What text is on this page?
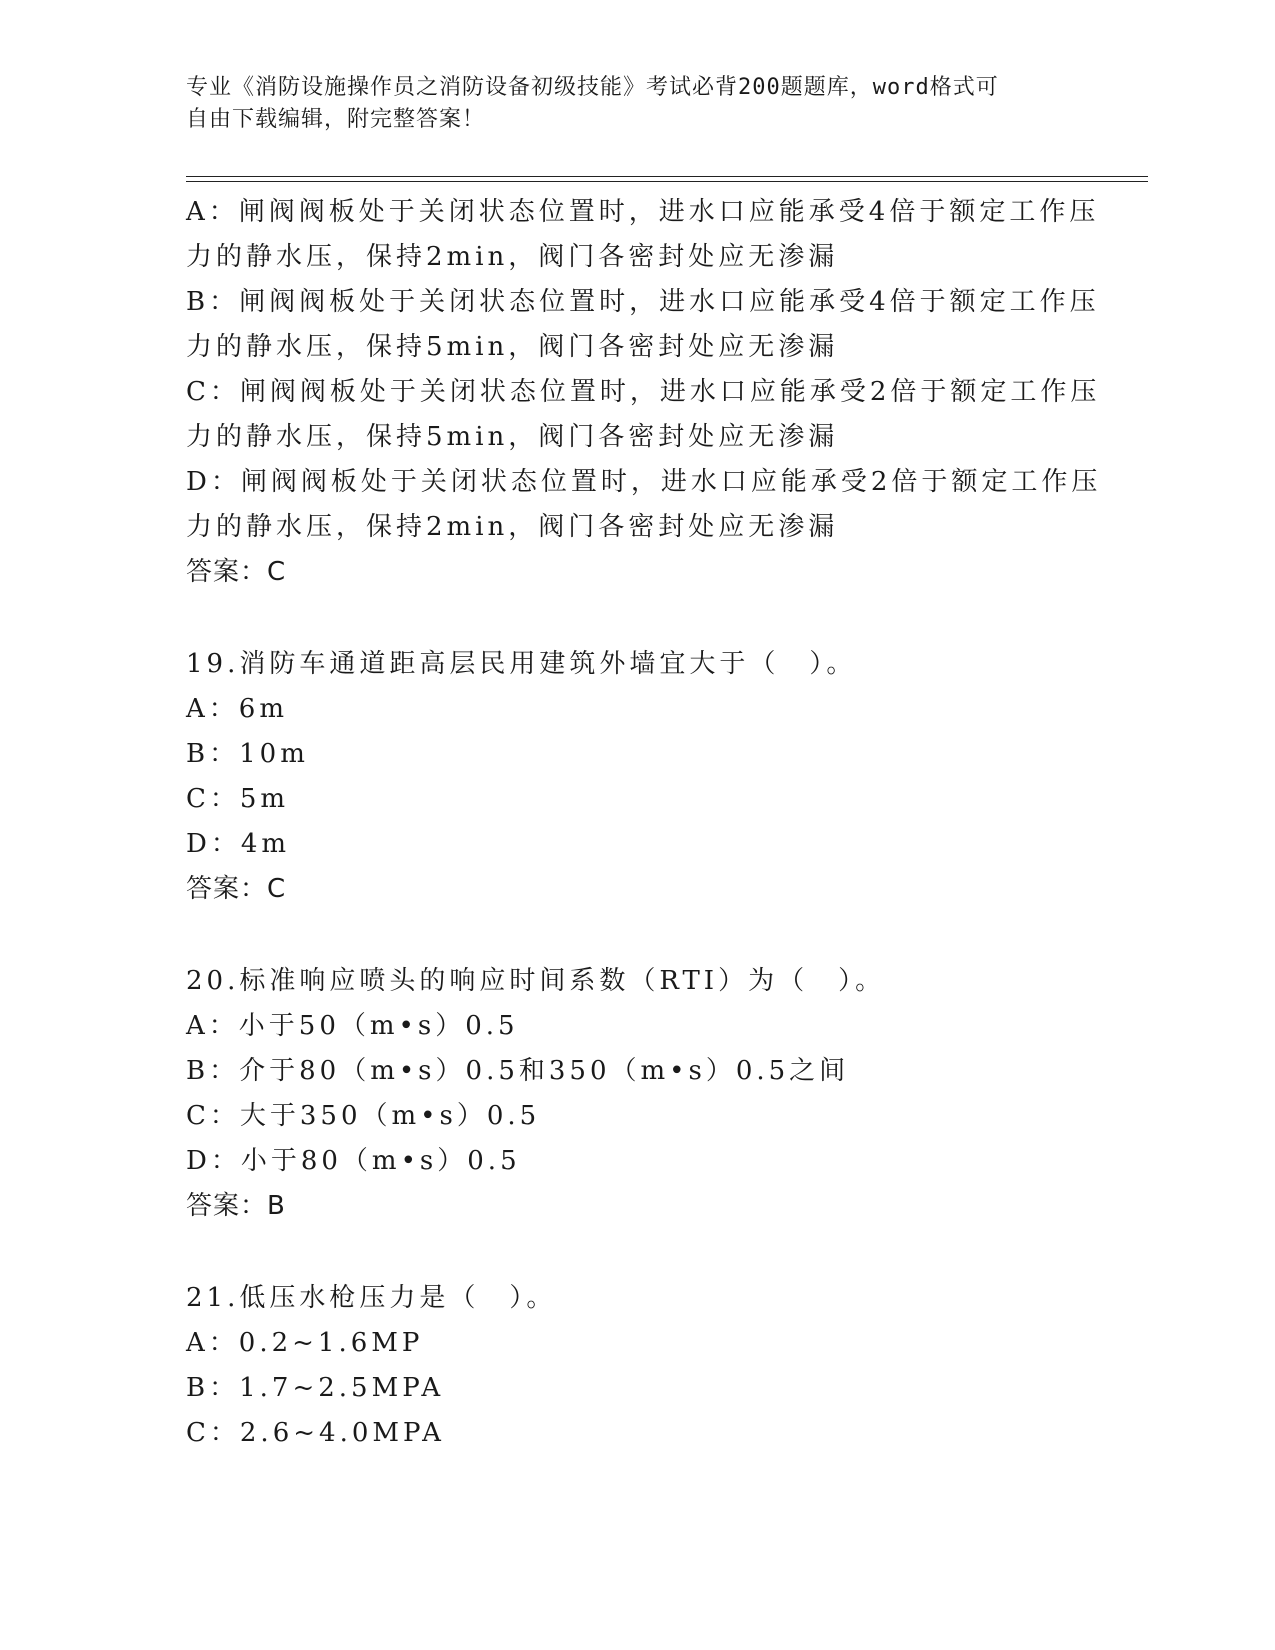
专业《消防设施操作员之消防设备初级技能》考试必背200题题库，word格式可
自由下载编辑，附完整答案！
A：闸阀阀板处于关闭状态位置时，进水口应能承受4倍于额定工作压
力的静水压，保持2min，阀门各密封处应无渗漏
B：闸阀阀板处于关闭状态位置时，进水口应能承受4倍于额定工作压
力的静水压，保持5min，阀门各密封处应无渗漏
C：闸阀阀板处于关闭状态位置时，进水口应能承受2倍于额定工作压
力的静水压，保持5min，阀门各密封处应无渗漏
D：闸阀阀板处于关闭状态位置时，进水口应能承受2倍于额定工作压
力的静水压，保持2min，阀门各密封处应无渗漏
答案：C
19.消防车通道距高层民用建筑外墙宜大于（　）。
A：6m
B：10m
C：5m
D：4m
答案：C
20.标准响应喷头的响应时间系数（RTI）为（　）。
A：小于50（m•s）0.5
B：介于80（m•s）0.5和350（m•s）0.5之间
C：大于350（m•s）0.5
D：小于80（m•s）0.5
答案：B
21.低压水枪压力是（　）。
A：0.2~1.6MP
B：1.7~2.5MPA
C：2.6~4.0MPA
